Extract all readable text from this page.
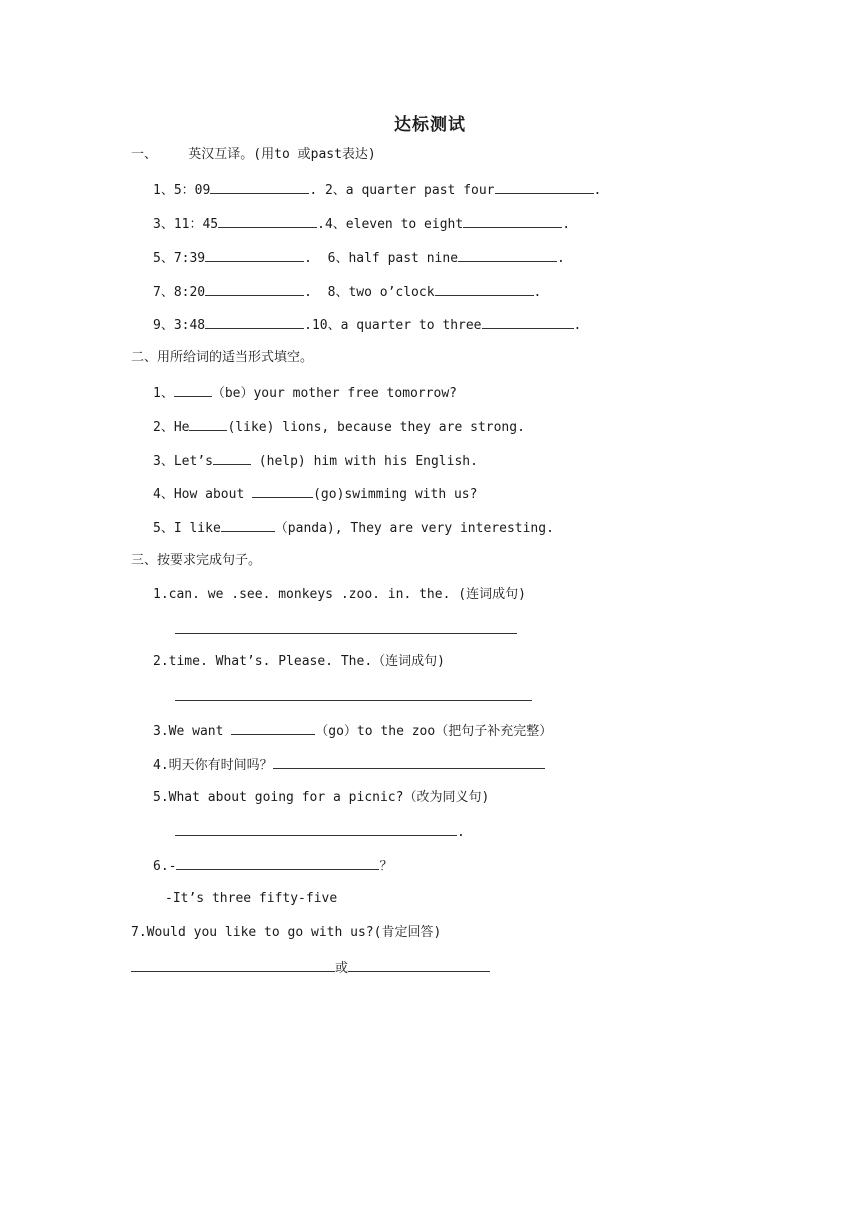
达标测试
一、    英汉互译。(用to 或past表达)
1、5：09	. 2、a quarter past four	.
3、11：45	.4、eleven to eight	.
5、7:39	.  6、half past nine	.
7、8:20	.  8、two o’clock	.
9、3:48	.10、a quarter to three	.
二、用所给词的适当形式填空。
1、	（be）your mother free tomorrow?
2、He	(like) lions, because they are strong.
3、Let’s	(help) him with his English.
4、How about	(go)swimming with us?
5、I like	（panda), They are very interesting.
三、按要求完成句子。
1.can. we .see. monkeys .zoo. in. the. (连词成句)
2.time. What’s. Please. The.（连词成句)
3.We want	（go）to the zoo（把句子补充完整）
4.明天你有时间吗？
5.What about going for a picnic?（改为同义句)
.
6.-	？
-It’s three fifty-five
7.Would you like to go with us?(肯定回答)
或
